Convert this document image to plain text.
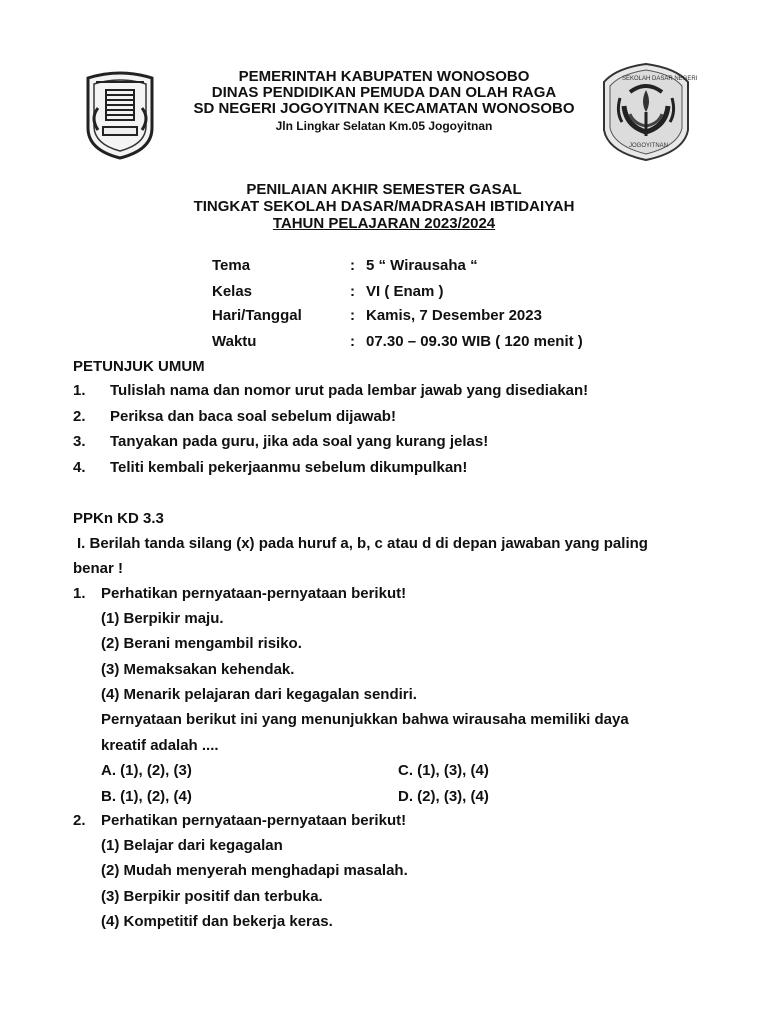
SEKOLAH DASAR NEGERI
JOGOYITNAN
PEMERINTAH KABUPATEN WONOSOBO
DINAS PENDIDIKAN PEMUDA DAN OLAH RAGA
SD NEGERI JOGOYITNAN KECAMATAN WONOSOBO
Jln Lingkar Selatan Km.05 Jogoyitnan
PENILAIAN AKHIR SEMESTER GASAL
TINGKAT SEKOLAH DASAR/MADRASAH IBTIDAIYAH
TAHUN PELAJARAN 2023/2024
Tema	: 5 “ Wirausaha “
Kelas	: VI ( Enam )
Hari/Tanggal	: Kamis, 7 Desember 2023
Waktu	: 07.30 – 09.30 WIB ( 120 menit )
PETUNJUK UMUM
1. Tulislah nama dan nomor urut pada lembar jawab yang disediakan!
2. Periksa dan baca soal sebelum dijawab!
3. Tanyakan pada guru, jika ada soal yang kurang jelas!
4. Teliti kembali pekerjaanmu sebelum dikumpulkan!
PPKn KD 3.3
I. Berilah tanda silang (x) pada huruf a, b, c atau d di depan jawaban yang paling
benar !
1. Perhatikan pernyataan-pernyataan berikut!
(1) Berpikir maju.
(2) Berani mengambil risiko.
(3) Memaksakan kehendak.
(4) Menarik pelajaran dari kegagalan sendiri.
Pernyataan berikut ini yang menunjukkan bahwa wirausaha memiliki daya
kreatif adalah ....
A. (1), (2), (3)	C. (1), (3), (4)
B. (1), (2), (4)	D. (2), (3), (4)
2. Perhatikan pernyataan-pernyataan berikut!
(1) Belajar dari kegagalan
(2) Mudah menyerah menghadapi masalah.
(3) Berpikir positif dan terbuka.
(4) Kompetitif dan bekerja keras.
